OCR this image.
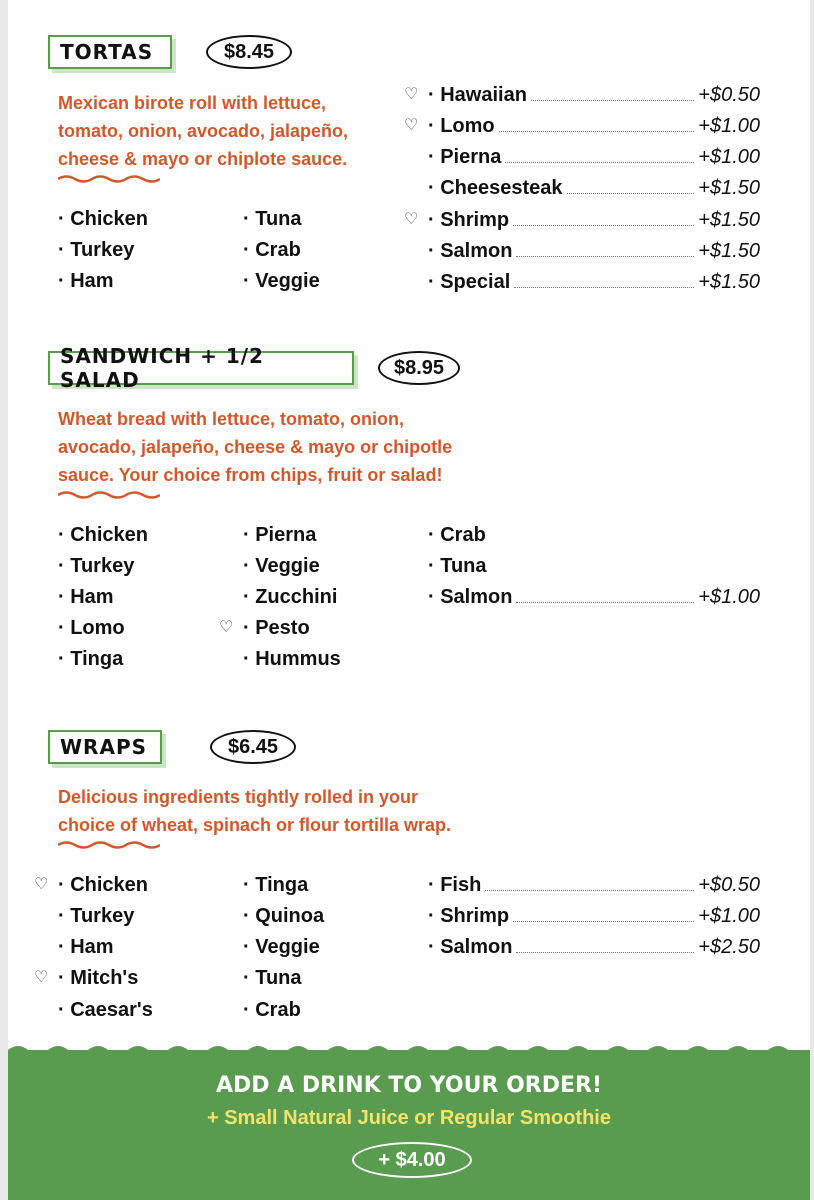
TORTAS	$8.45
Mexican birote roll with lettuce,
tomato, onion, avocado, jalapeño,
cheese & mayo or chiplote sauce.
· Chicken
· Turkey
· Ham
· Tuna
· Crab
· Veggie
♡
♡
♡
· Hawaiian	+$0.50
· Lomo	+$1.00
· Pierna	+$1.00
· Cheesesteak	+$1.50
· Shrimp	+$1.50
· Salmon	+$1.50
· Special	+$1.50
SANDWICH + 1/2 SALAD
$8.95
Wheat bread with lettuce, tomato, onion,
avocado, jalapeño, cheese & mayo or chipotle
sauce. Your choice from chips, fruit or salad!
· Chicken
· Turkey
· Ham
· Lomo
· Tinga
· Pierna
· Veggie
· Zucchini
♡ · Pesto
· Hummus
· Crab
· Tuna
· Salmon	+$1.00
WRAPS	$6.45
Delicious ingredients tightly rolled in your
choice of wheat, spinach or flour tortilla wrap.
♡ · Chicken
· Turkey
· Ham
♡ · Mitch's
· Caesar's
· Tinga
· Quinoa
· Veggie
· Tuna
· Crab
· Fish	+$0.50
· Shrimp	+$1.00
· Salmon	+$2.50
ADD A DRINK TO YOUR ORDER!
+ Small Natural Juice or Regular Smoothie
+ $4.00
